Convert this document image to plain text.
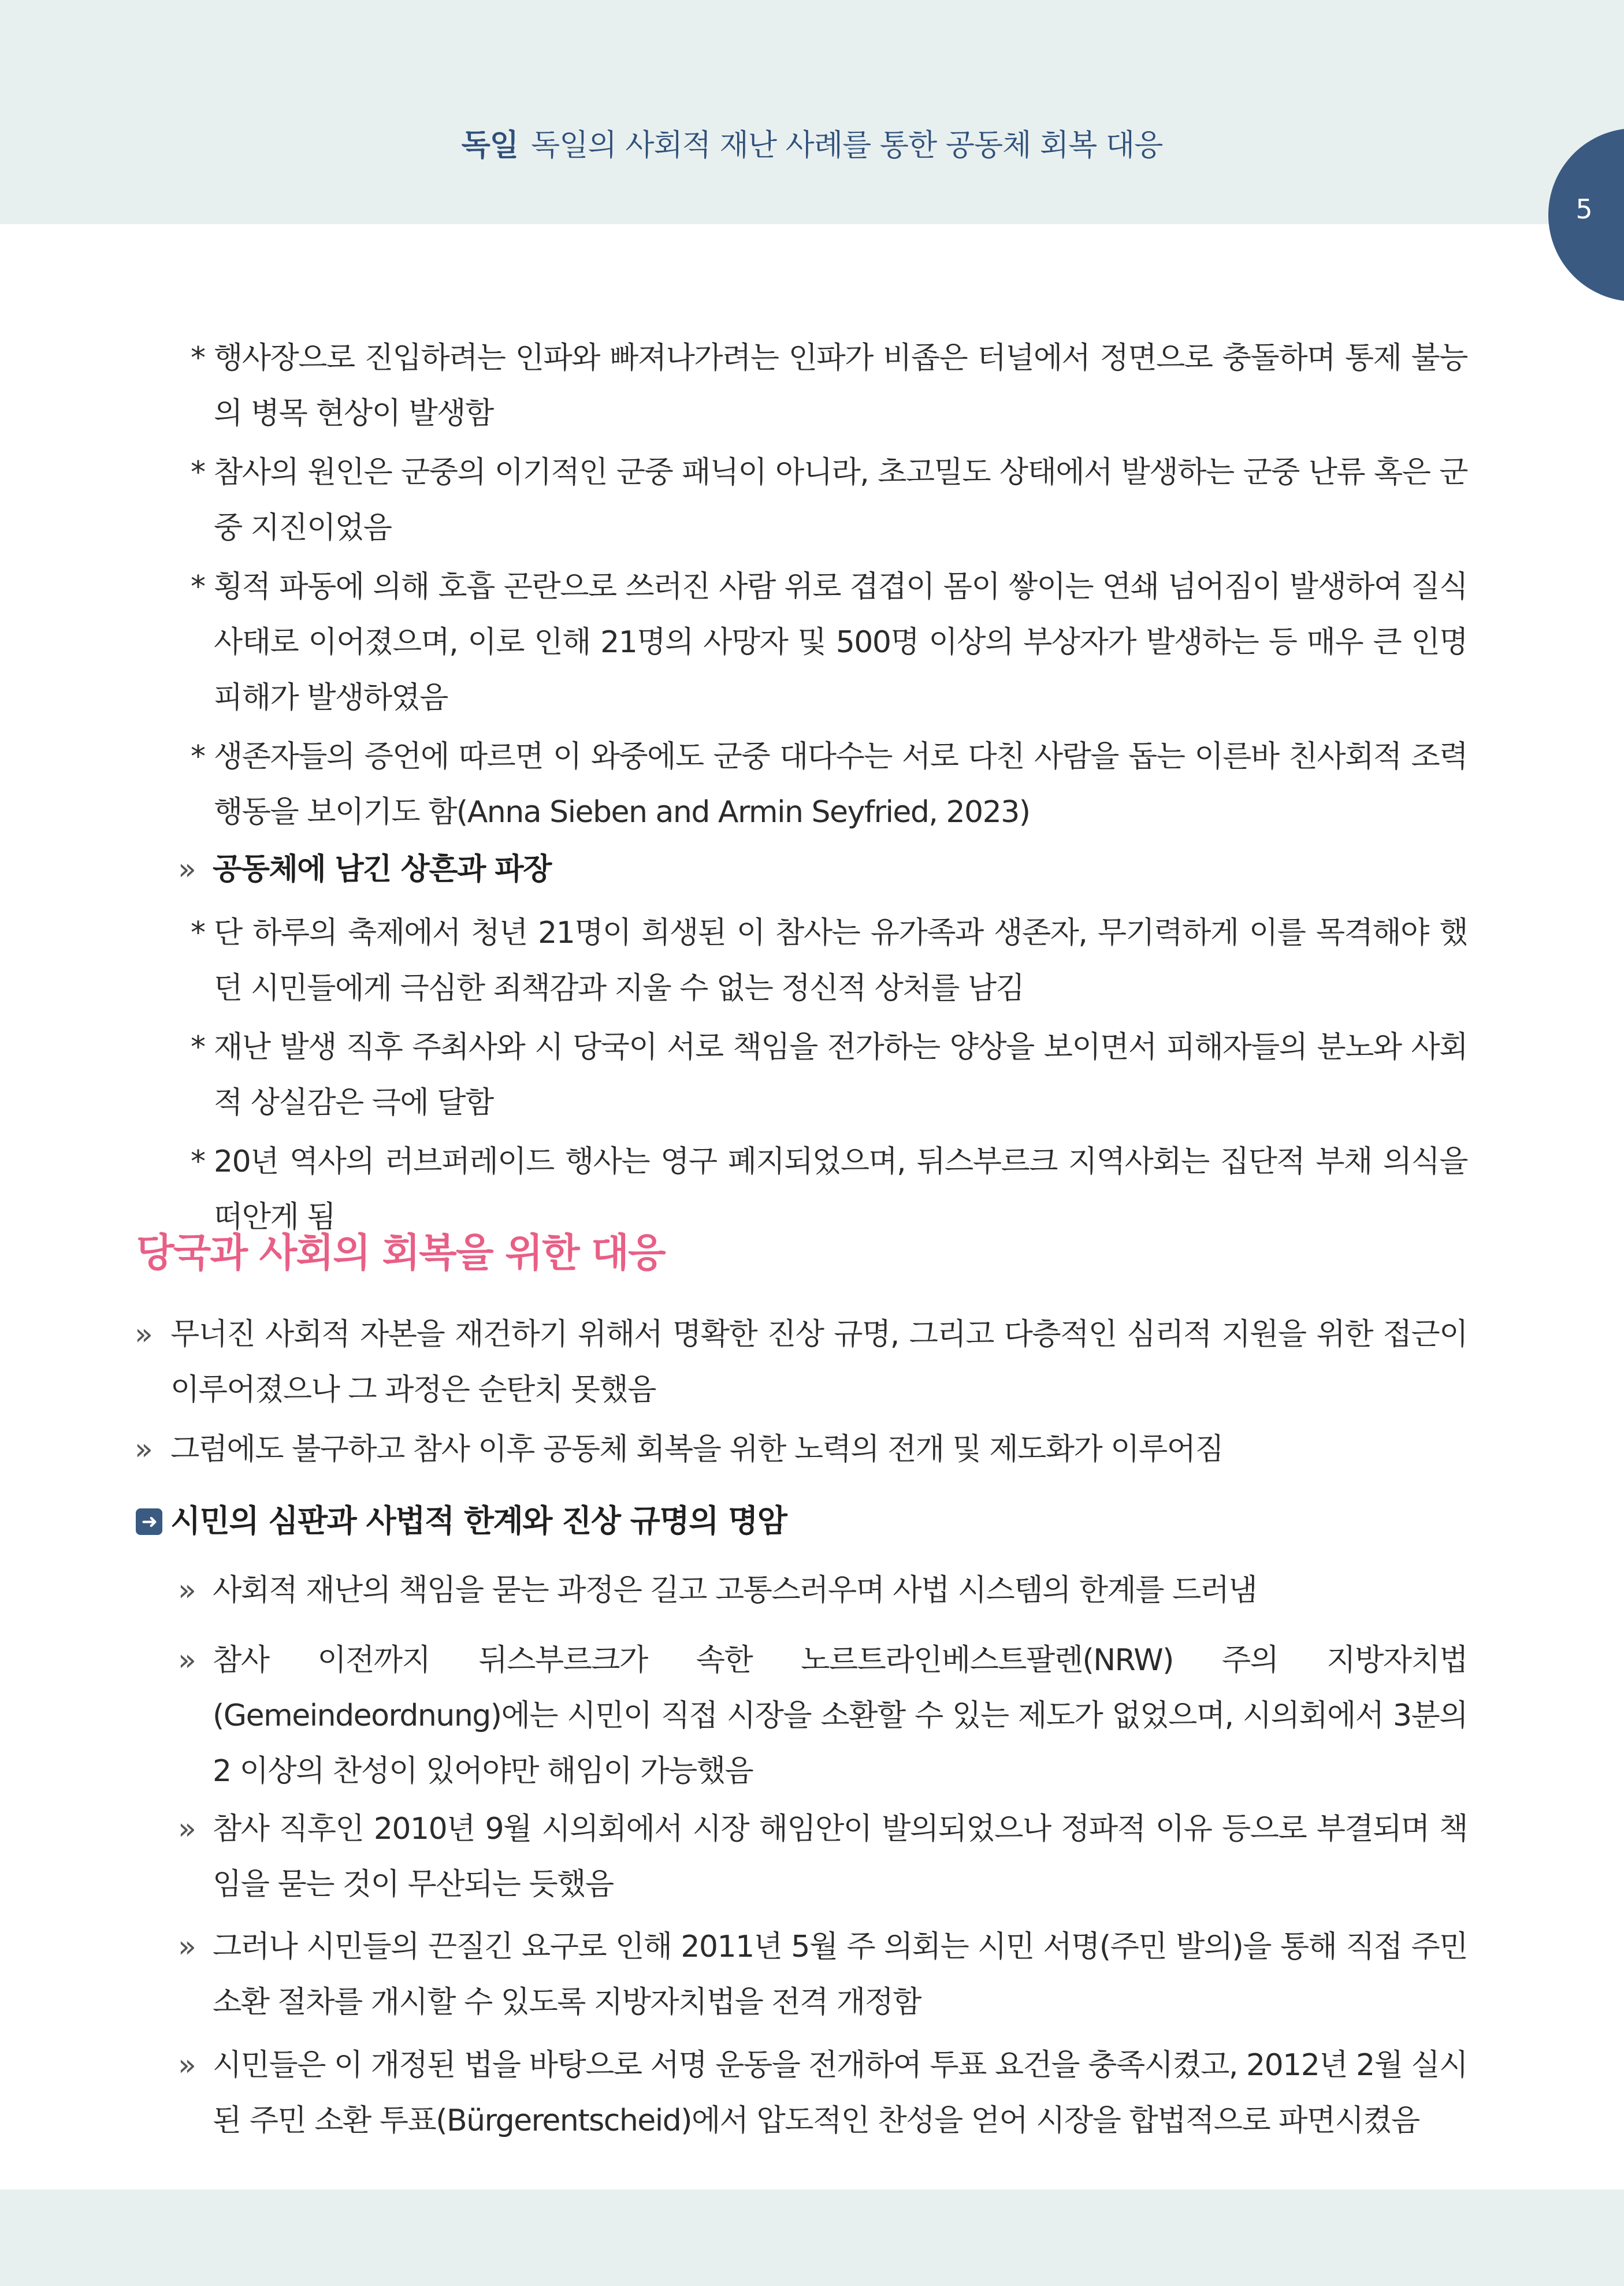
독일 독일의 사회적 재난 사례를 통한 공동체 회복 대응
5
* 행사장으로 진입하려는 인파와 빠져나가려는 인파가 비좁은 터널에서 정면으로 충돌하며 통제 불능의 병목 현상이 발생함
* 참사의 원인은 군중의 이기적인 군중 패닉이 아니라, 초고밀도 상태에서 발생하는 군중 난류 혹은 군중 지진이었음
* 횡적 파동에 의해 호흡 곤란으로 쓰러진 사람 위로 겹겹이 몸이 쌓이는 연쇄 넘어짐이 발생하여 질식 사태로 이어졌으며, 이로 인해 21명의 사망자 및 500명 이상의 부상자가 발생하는 등 매우 큰 인명피해가 발생하였음
* 생존자들의 증언에 따르면 이 와중에도 군중 대다수는 서로 다친 사람을 돕는 이른바 친사회적 조력 행동을 보이기도 함(Anna Sieben and Armin Seyfried, 2023)
» 공동체에 남긴 상흔과 파장
* 단 하루의 축제에서 청년 21명이 희생된 이 참사는 유가족과 생존자, 무기력하게 이를 목격해야 했던 시민들에게 극심한 죄책감과 지울 수 없는 정신적 상처를 남김
* 재난 발생 직후 주최사와 시 당국이 서로 책임을 전가하는 양상을 보이면서 피해자들의 분노와 사회적 상실감은 극에 달함
* 20년 역사의 러브퍼레이드 행사는 영구 폐지되었으며, 뒤스부르크 지역사회는 집단적 부채 의식을 떠안게 됨
당국과 사회의 회복을 위한 대응
» 무너진 사회적 자본을 재건하기 위해서 명확한 진상 규명, 그리고 다층적인 심리적 지원을 위한 접근이 이루어졌으나 그 과정은 순탄치 못했음
» 그럼에도 불구하고 참사 이후 공동체 회복을 위한 노력의 전개 및 제도화가 이루어짐
➜ 시민의 심판과 사법적 한계와 진상 규명의 명암
» 사회적 재난의 책임을 묻는 과정은 길고 고통스러우며 사법 시스템의 한계를 드러냄
» 참사 이전까지 뒤스부르크가 속한 노르트라인베스트팔렌(NRW) 주의 지방자치법(Gemeindeordnung)에는 시민이 직접 시장을 소환할 수 있는 제도가 없었으며, 시의회에서 3분의 2 이상의 찬성이 있어야만 해임이 가능했음
» 참사 직후인 2010년 9월 시의회에서 시장 해임안이 발의되었으나 정파적 이유 등으로 부결되며 책임을 묻는 것이 무산되는 듯했음
» 그러나 시민들의 끈질긴 요구로 인해 2011년 5월 주 의회는 시민 서명(주민 발의)을 통해 직접 주민 소환 절차를 개시할 수 있도록 지방자치법을 전격 개정함
» 시민들은 이 개정된 법을 바탕으로 서명 운동을 전개하여 투표 요건을 충족시켰고, 2012년 2월 실시된 주민 소환 투표(Bürgerentscheid)에서 압도적인 찬성을 얻어 시장을 합법적으로 파면시켰음
